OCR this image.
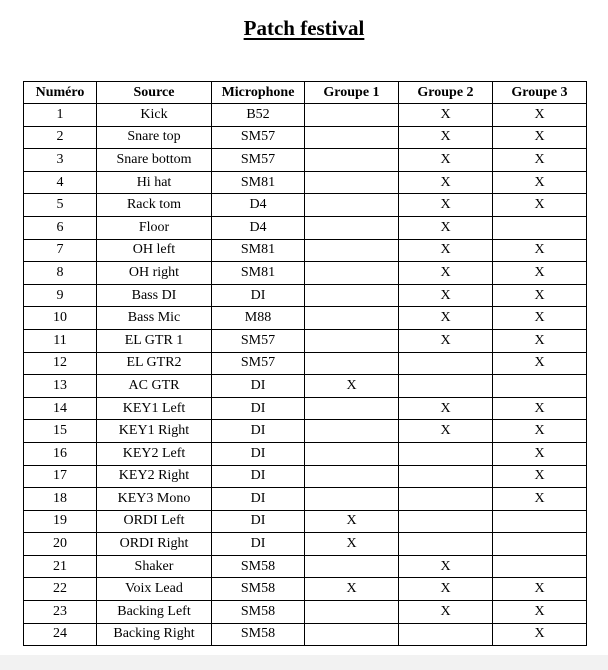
Patch festival
Numéro	Source	Microphone	Groupe 1	Groupe 2	Groupe 3
1	Kick	B52		X	X
2	Snare top	SM57		X	X
3	Snare bottom	SM57		X	X
4	Hi hat	SM81		X	X
5	Rack tom	D4		X	X
6	Floor	D4		X	
7	OH left	SM81		X	X
8	OH right	SM81		X	X
9	Bass DI	DI		X	X
10	Bass Mic	M88		X	X
11	EL GTR 1	SM57		X	X
12	EL GTR2	SM57			X
13	AC GTR	DI	X		
14	KEY1 Left	DI		X	X
15	KEY1 Right	DI		X	X
16	KEY2 Left	DI			X
17	KEY2 Right	DI			X
18	KEY3 Mono	DI			X
19	ORDI Left	DI	X		
20	ORDI Right	DI	X		
21	Shaker	SM58		X	
22	Voix Lead	SM58	X	X	X
23	Backing Left	SM58		X	X
24	Backing Right	SM58			X
